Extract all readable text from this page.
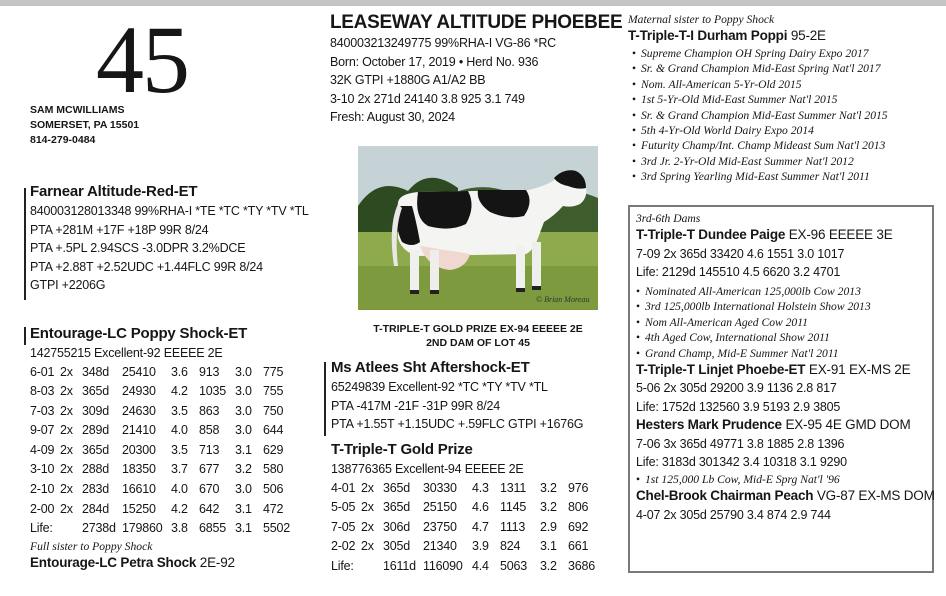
45
SAM MCWILLIAMS
SOMERSET, PA 15501
814-279-0484
LEASEWAY ALTITUDE PHOEBEE
840003213249775 99%RHA-I VG-86 *RC
Born: October 17, 2019 • Herd No. 936
32K GTPI +1880G A1/A2 BB
3-10 2x 271d 24140 3.8 925 3.1 749
Fresh: August 30, 2024
© Brian Moreau
T-TRIPLE-T GOLD PRIZE EX-94 EEEEE 2E
2ND DAM OF LOT 45
Farnear Altitude-Red-ET
840003128013348 99%RHA-I *TE *TC *TY *TV *TL
PTA +281M +17F +18P 99R 8/24
PTA +.5PL 2.94SCS -3.0DPR 3.2%DCE
PTA +2.88T +2.52UDC +1.44FLC 99R 8/24
GTPI +2206G
Entourage-LC Poppy Shock-ET
142755215 Excellent-92 EEEEE 2E
6-01	2x	348d	25410	3.6	913	3.0	775
8-03	2x	365d	24930	4.2	1035	3.0	755
7-03	2x	309d	24630	3.5	863	3.0	750
9-07	2x	289d	21410	4.0	858	3.0	644
4-09	2x	365d	20300	3.5	713	3.1	629
3-10	2x	288d	18350	3.7	677	3.2	580
2-10	2x	283d	16610	4.0	670	3.0	506
2-00	2x	284d	15250	4.2	642	3.1	472
Life:		2738d	179860	3.8	6855	3.1	5502
Full sister to Poppy Shock
Entourage-LC Petra Shock 2E-92
Ms Atlees Sht Aftershock-ET
65249839 Excellent-92 *TC *TY *TV *TL
PTA -417M -21F -31P 99R 8/24
PTA +1.55T +1.15UDC +.59FLC GTPI +1676G
T-Triple-T Gold Prize
138776365 Excellent-94 EEEEE 2E
4-01	2x	365d	30330	4.3	1311	3.2	976
5-05	2x	365d	25150	4.6	1145	3.2	806
7-05	2x	306d	23750	4.7	1113	2.9	692
2-02	2x	305d	21340	3.9	824	3.1	661
Life:		1611d	116090	4.4	5063	3.2	3686
Maternal sister to Poppy Shock
T-Triple-T-I Durham Poppi 95-2E
• Supreme Champion OH Spring Dairy Expo 2017
• Sr. & Grand Champion Mid-East Spring Nat'l 2017
• Nom. All-American 5-Yr-Old 2015
• 1st 5-Yr-Old Mid-East Summer Nat'l 2015
• Sr. & Grand Champion Mid-East Summer Nat'l 2015
• 5th 4-Yr-Old World Dairy Expo 2014
• Futurity Champ/Int. Champ Mideast Sum Nat'l 2013
• 3rd Jr. 2-Yr-Old Mid-East Summer Nat'l 2012
• 3rd Spring Yearling Mid-East Summer Nat'l 2011
3rd-6th Dams
T-Triple-T Dundee Paige EX-96 EEEEE 3E
7-09 2x 365d 33420 4.6 1551 3.0 1017
Life: 2129d 145510 4.5 6620 3.2 4701
• Nominated All-American 125,000lb Cow 2013
• 3rd 125,000lb International Holstein Show 2013
• Nom All-American Aged Cow 2011
• 4th Aged Cow, International Show 2011
• Grand Champ, Mid-E Summer Nat'l 2011
T-Triple-T Linjet Phoebe-ET EX-91 EX-MS 2E
5-06 2x 305d 29200 3.9 1136 2.8 817
Life: 1752d 132560 3.9 5193 2.9 3805
Hesters Mark Prudence EX-95 4E GMD DOM
7-06 3x 365d 49771 3.8 1885 2.8 1396
Life: 3183d 301342 3.4 10318 3.1 9290
• 1st 125,000 Lb Cow, Mid-E Sprg Nat'l '96
Chel-Brook Chairman Peach VG-87 EX-MS DOM
4-07 2x 305d 25790 3.4 874 2.9 744
